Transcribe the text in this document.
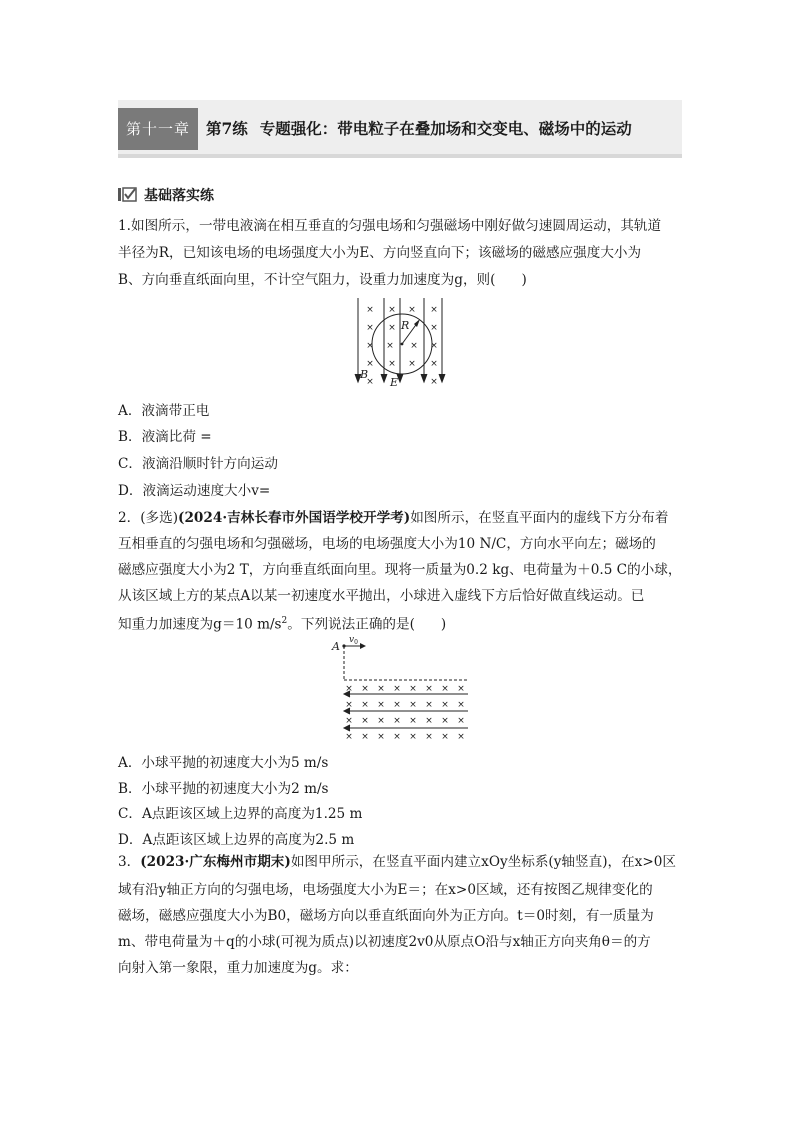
第十一章	第7练 专题强化：带电粒子在叠加场和交变电、磁场中的运动
基础落实练
1.如图所示，一带电液滴在相互垂直的匀强电场和匀强磁场中刚好做匀速圆周运动，其轨道
半径为R，已知该电场的电场强度大小为E、方向竖直向下；该磁场的磁感应强度大小为
B、方向垂直纸面向里，不计空气阻力，设重力加速度为g，则( )
× × × ×
× ×	×
× × × ×
× × × ×
×	×
R
B
E
A．液滴带正电
B．液滴比荷 =
C．液滴沿顺时针方向运动
D．液滴运动速度大小v=
2．(多选)(2024·吉林长春市外国语学校开学考)如图所示，在竖直平面内的虚线下方分布着
互相垂直的匀强电场和匀强磁场，电场的电场强度大小为10 N/C，方向水平向左；磁场的
磁感应强度大小为2 T，方向垂直纸面向里。现将一质量为0.2 kg、电荷量为＋0.5 C的小球，
从该区域上方的某点A以某一初速度水平抛出，小球进入虚线下方后恰好做直线运动。已
知重力加速度为g＝10 $m/s^2$。下列说法正确的是( )
A $v_0$
× × × × × × × ×
× × × × × × × ×
× × × × × × × ×
× × × × × × × ×
A．小球平抛的初速度大小为5 m/s
B．小球平抛的初速度大小为2 m/s
C．A点距该区域上边界的高度为1.25 m
D．A点距该区域上边界的高度为2.5 m
3．(2023·广东梅州市期末)如图甲所示，在竖直平面内建立xOy坐标系(y轴竖直)，在x>0区
域有沿y轴正方向的匀强电场，电场强度大小为E＝；在x>0区域，还有按图乙规律变化的
磁场，磁感应强度大小为B0，磁场方向以垂直纸面向外为正方向。t＝0时刻，有一质量为
m、带电荷量为＋q的小球(可视为质点)以初速度2v0从原点O沿与x轴正方向夹角θ＝的方
向射入第一象限，重力加速度为g。求：
